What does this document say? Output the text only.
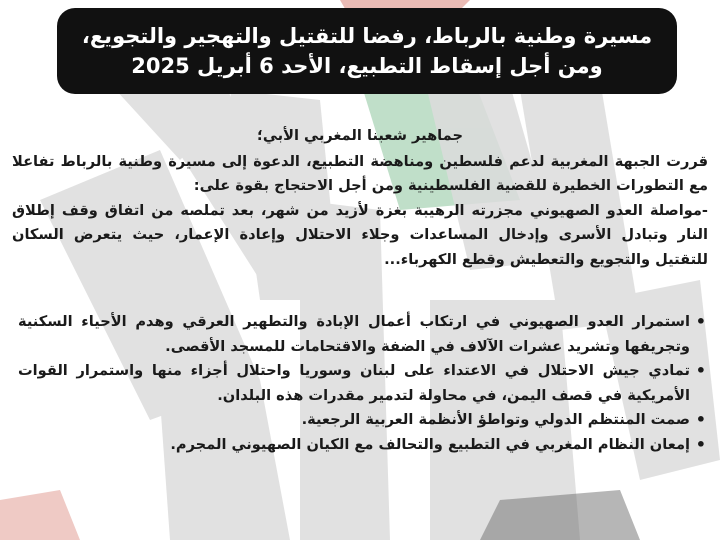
مسيرة وطنية بالرباط، رفضا للتقتيل والتهجير والتجويع،
ومن أجل إسقاط التطبيع، الأحد 6 أبريل 2025

جماهير شعبنا المغربي الأبي؛

قررت الجبهة المغربية لدعم فلسطين ومناهضة التطبيع، الدعوة إلى مسيرة وطنية بالرباط تفاعلا مع التطورات الخطيرة للقضية الفلسطينية ومن أجل الاحتجاج بقوة على:

-مواصلة العدو الصهيوني مجزرته الرهيبة بغزة لأزيد من شهر، بعد تملصه من اتفاق وقف إطلاق النار وتبادل الأسرى وإدخال المساعدات وجلاء الاحتلال وإعادة الإعمار، حيث يتعرض السكان للتقتيل والتجويع والتعطيش وقطع الكهرباء...

• استمرار العدو الصهيوني في ارتكاب أعمال الإبادة والتطهير العرقي وهدم الأحياء السكنية وتجريفها وتشريد عشرات الآلاف في الضفة والاقتحامات للمسجد الأقصى.
• تمادي جيش الاحتلال في الاعتداء على لبنان وسوريا واحتلال أجزاء منها واستمرار القوات الأمريكية في قصف اليمن، في محاولة لتدمير مقدرات هذه البلدان.
• صمت المنتظم الدولي وتواطؤ الأنظمة العربية الرجعية.
• إمعان النظام المغربي في التطبيع والتحالف مع الكيان الصهيوني المجرم.
